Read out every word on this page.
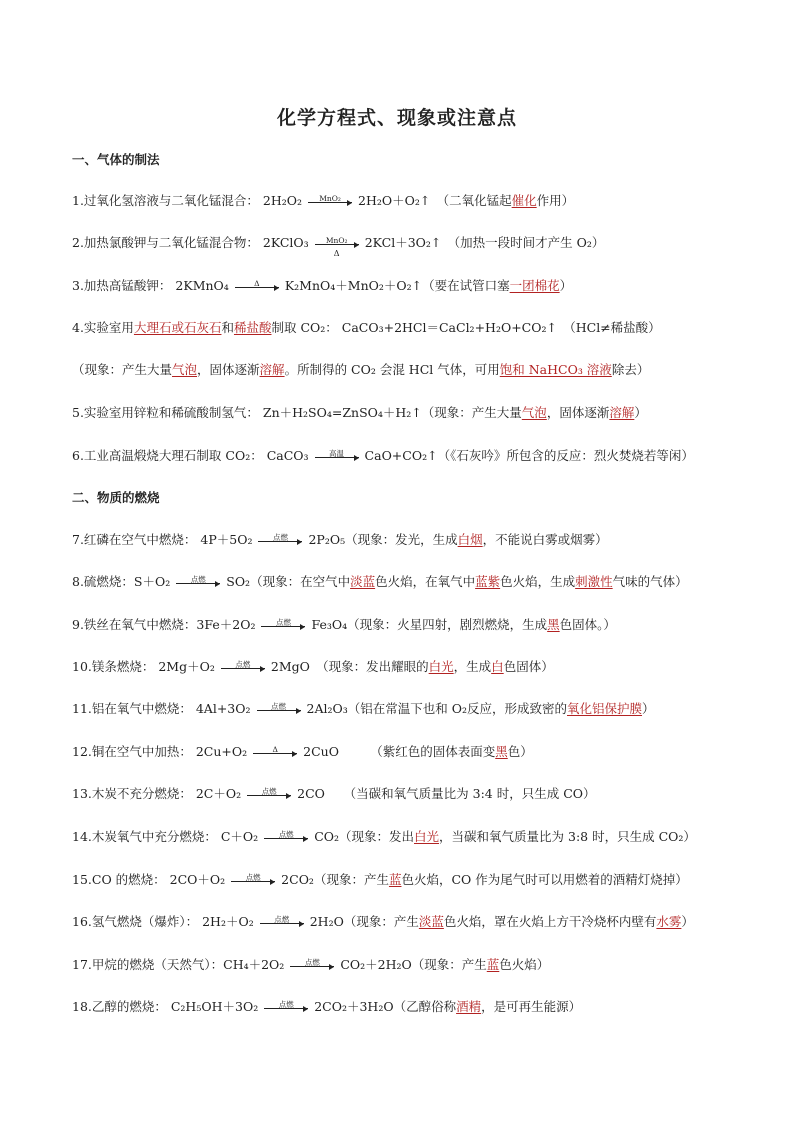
化学方程式、现象或注意点
一、气体的制法
二、物质的燃烧
1.过氧化氢溶液与二氧化锰混合： 2H₂O₂	MnO₂	2H₂O＋O₂↑　（二氧化锰起催化作用）
2.加热氯酸钾与二氧化锰混合物： 2KClO₃	MnO₂
Δ
2KCl＋3O₂↑　（加热一段时间才产生 O₂）
3.加热高锰酸钾： 2KMnO₄	Δ	K₂MnO₄＋MnO₂＋O₂↑（要在试管口塞一团棉花）
4.实验室用大理石或石灰石和稀盐酸制取 CO₂： CaCO₃+2HCl＝CaCl₂+H₂O+CO₂↑　（HCl≠稀盐酸）
（现象：产生大量气泡，固体逐渐溶解。所制得的 CO₂ 会混 HCl 气体，可用饱和 NaHCO₃ 溶液除去）
5.实验室用锌粒和稀硫酸制氢气： Zn＋H₂SO₄=ZnSO₄＋H₂↑（现象：产生大量气泡，固体逐渐溶解）
6.工业高温煅烧大理石制取 CO₂： CaCO₃	高温	CaO+CO₂↑（《石灰吟》所包含的反应：烈火焚烧若等闲）
7.红磷在空气中燃烧： 4P＋5O₂	点燃	2P₂O₅（现象：发光，生成白烟，不能说白雾或烟雾）
8.硫燃烧：S＋O₂	点燃	SO₂（现象：在空气中淡蓝色火焰，在氧气中蓝紫色火焰，生成刺激性气味的气体）
9.铁丝在氧气中燃烧：3Fe＋2O₂	点燃	Fe₃O₄（现象：火星四射，剧烈燃烧，生成黑色固体。）
10.镁条燃烧： 2Mg＋O₂	点燃	2MgO　（现象：发出耀眼的白光，生成白色固体）
11.铝在氧气中燃烧： 4Al+3O₂	点燃	2Al₂O₃（铝在常温下也和 O₂反应，形成致密的氧化铝保护膜）
12.铜在空气中加热： 2Cu+O₂	Δ	2CuO　　　（紫红色的固体表面变黑色）
13.木炭不充分燃烧： 2C＋O₂	点燃	2CO　　（当碳和氧气质量比为 3:4 时，只生成 CO）
14.木炭氧气中充分燃烧： C＋O₂	点燃	CO₂（现象：发出白光，当碳和氧气质量比为 3:8 时，只生成 CO₂）
15.CO 的燃烧： 2CO＋O₂	点燃	2CO₂（现象：产生蓝色火焰，CO 作为尾气时可以用燃着的酒精灯烧掉）
16.氢气燃烧（爆炸）： 2H₂＋O₂	点燃	2H₂O（现象：产生淡蓝色火焰，罩在火焰上方干冷烧杯内壁有水雾）
17.甲烷的燃烧（天然气）：CH₄＋2O₂	点燃	CO₂＋2H₂O（现象：产生蓝色火焰）
18.乙醇的燃烧： C₂H₅OH＋3O₂	点燃	2CO₂＋3H₂O（乙醇俗称酒精，是可再生能源）
